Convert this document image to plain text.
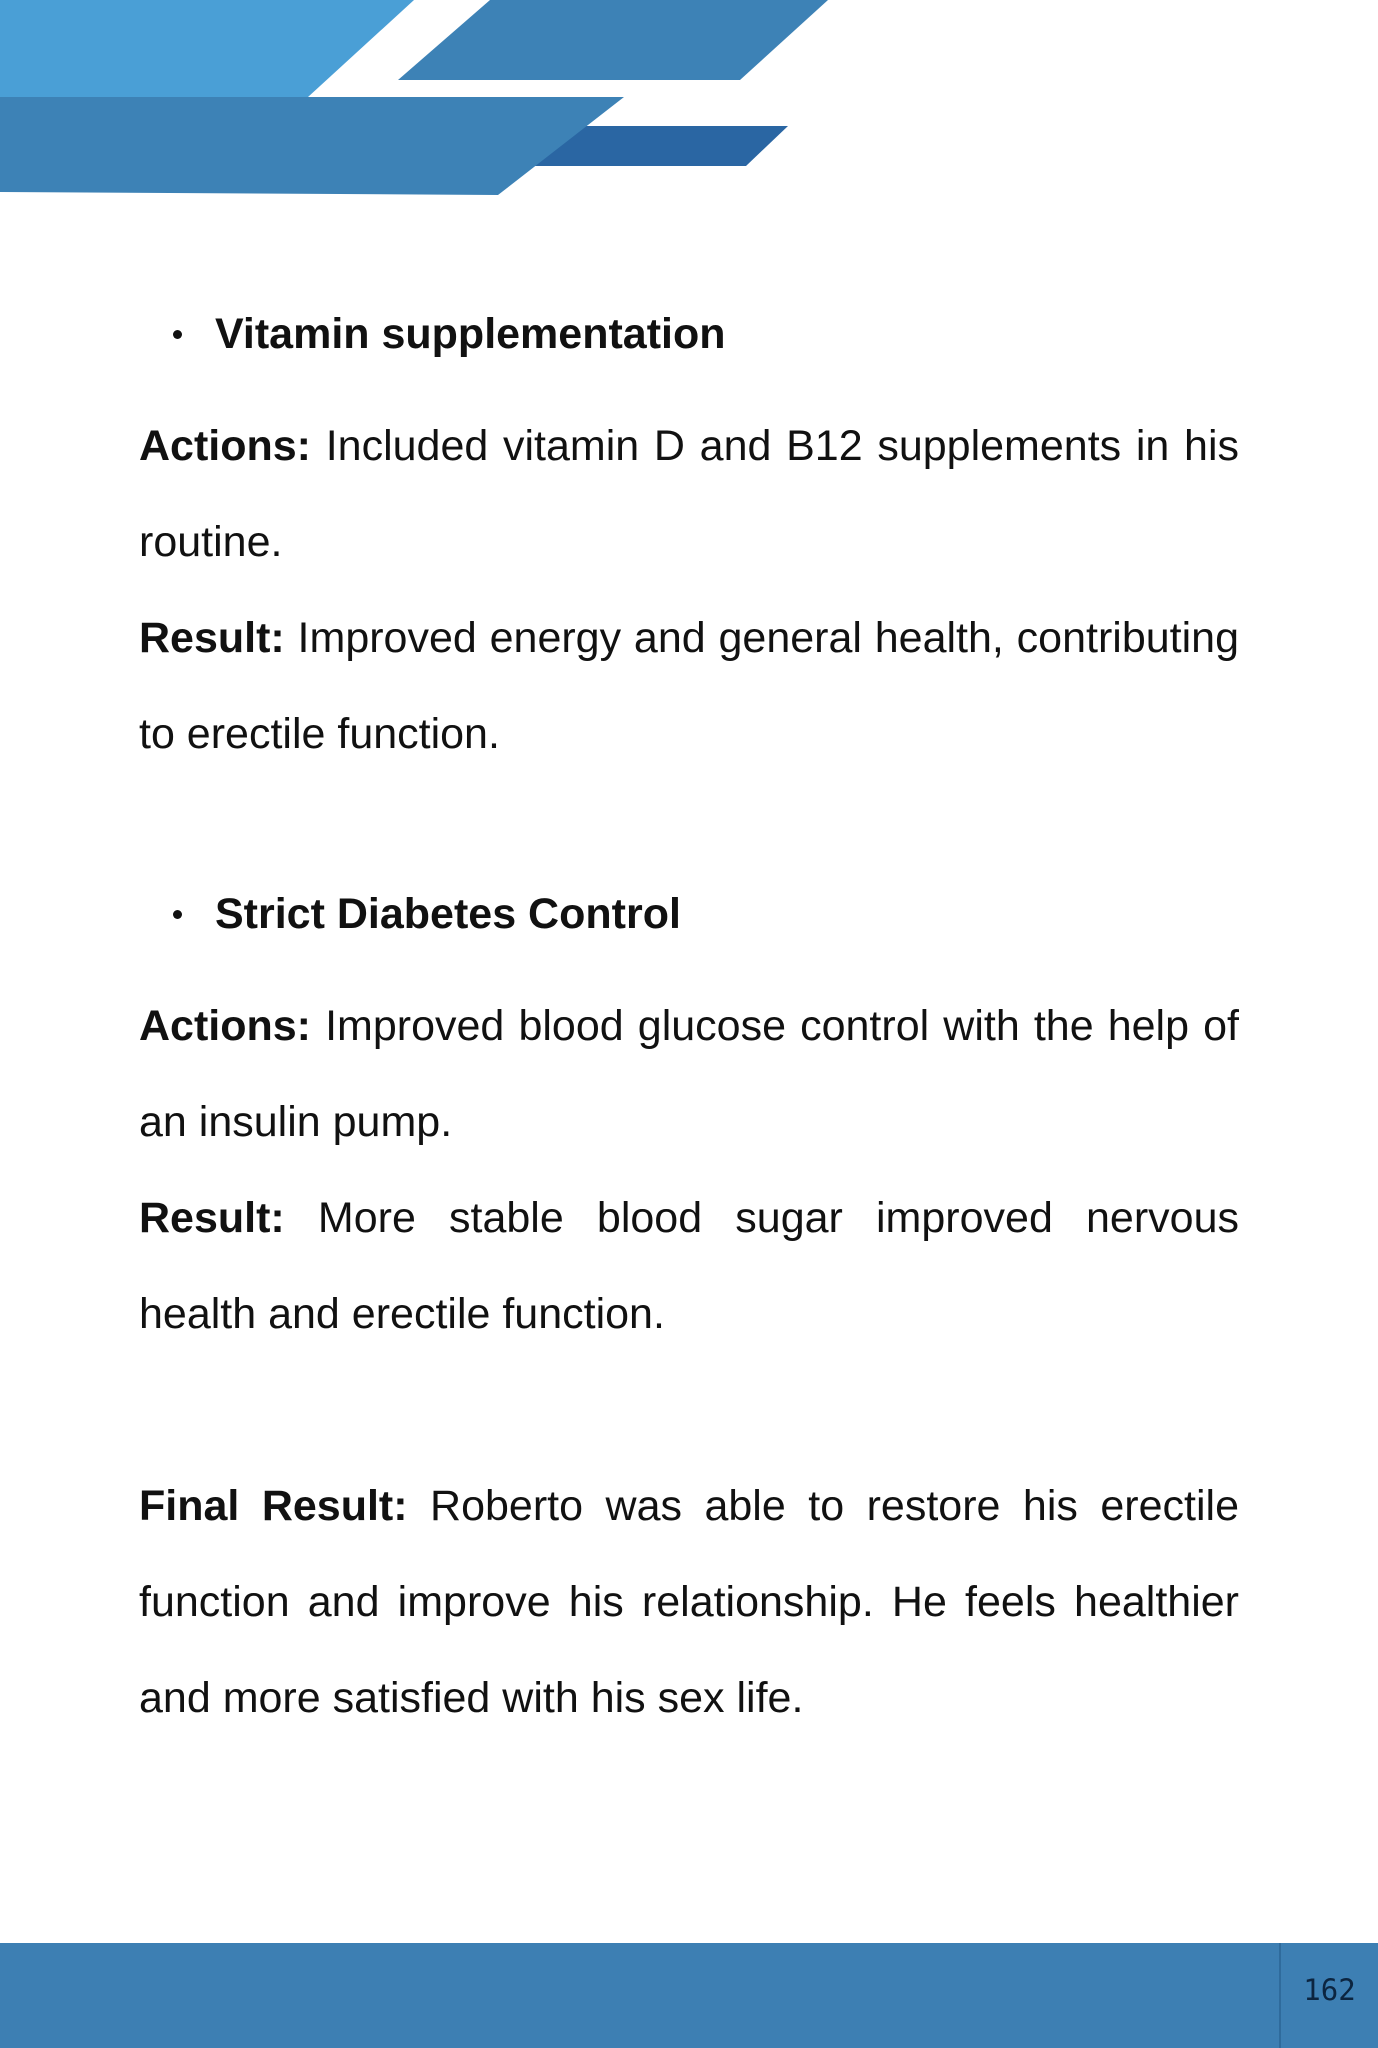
Vitamin supplementation

Actions: Included vitamin D and B12 supplements in his routine.

Result: Improved energy and general health, contributing to erectile function.

Strict Diabetes Control

Actions: Improved blood glucose control with the help of an insulin pump.

Result: More stable blood sugar improved nervous health and erectile function.

Final Result: Roberto was able to restore his erectile function and improve his relationship. He feels healthier and more satisfied with his sex life.

162
